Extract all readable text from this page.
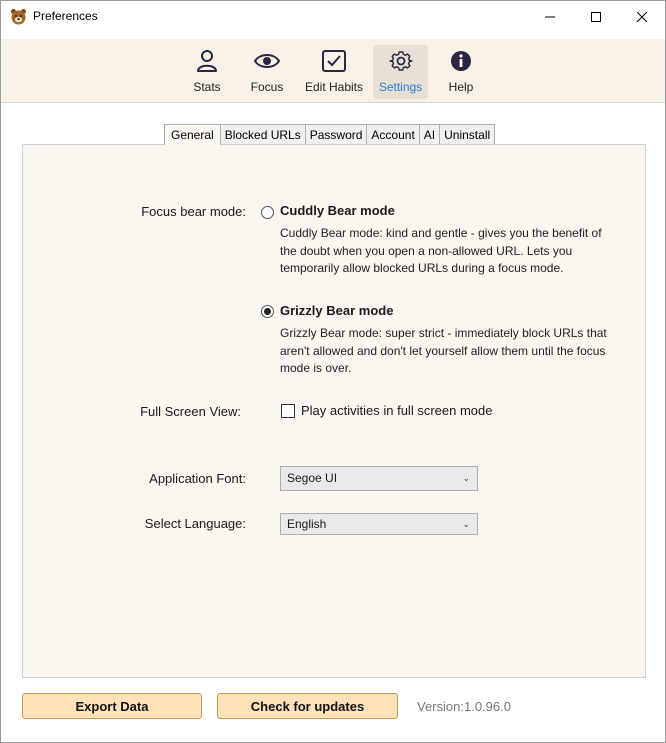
Preferences
Stats Focus Edit Habits Settings Help
General Blocked URLs Password Account AI Uninstall
Focus bear mode:	Cuddly Bear mode
Cuddly Bear mode: kind and gentle - gives you the benefit of the doubt when you open a non-allowed URL. Lets you temporarily allow blocked URLs during a focus mode.
Grizzly Bear mode
Grizzly Bear mode: super strict - immediately block URLs that aren't allowed and don't let yourself allow them until the focus mode is over.
Full Screen View:	Play activities in full screen mode
Application Font:	Segoe UI	⌄
Select Language:	English	⌄
Export Data	Check for updates	Version:1.0.96.0
